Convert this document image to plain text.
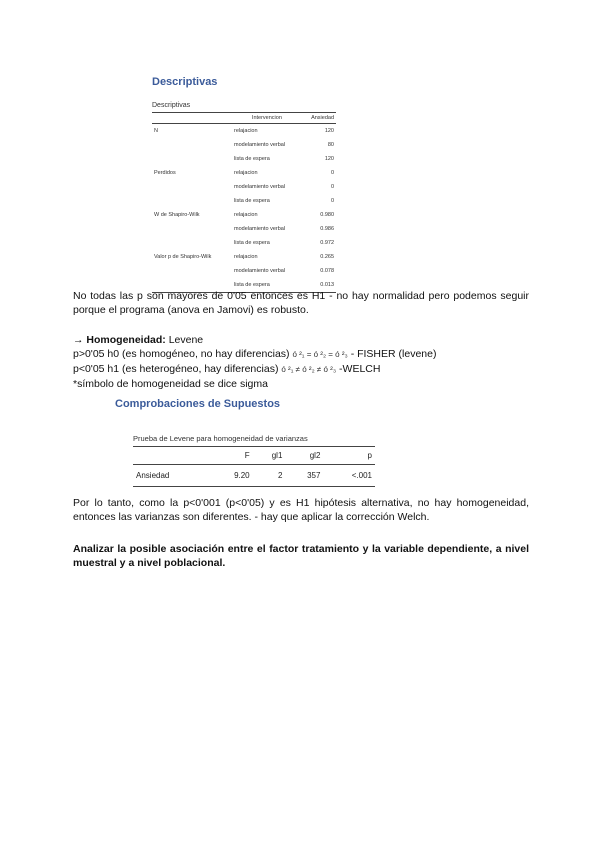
Descriptivas
Descriptivas
	Intervencion	Ansiedad
N	relajacion	120
	modelamiento verbal	80
	lista de espera	120
Perdidos	relajacion	0
	modelamiento verbal	0
	lista de espera	0
W de Shapiro-Wilk	relajacion	0.980
	modelamiento verbal	0.986
	lista de espera	0.972
Valor p de Shapiro-Wilk	relajacion	0.265
	modelamiento verbal	0.078
	lista de espera	0.013
No todas las p son mayores de 0'05 entonces es H1 - no hay normalidad pero podemos seguir porque el programa (anova en Jamovi) es robusto.
→ Homogeneidad: Levene
p>0'05 h0 (es homogéneo, no hay diferencias) ó ²₁ = ó ²₂ = ó ²₃ - FISHER (levene)
p<0'05 h1 (es heterogéneo, hay diferencias) ó ²₁ ≠ ó ²₂ ≠ ó ²₃ -WELCH
*símbolo de homogeneidad se dice sigma
Comprobaciones de Supuestos
Prueba de Levene para homogeneidad de varianzas
	F	gl1	gl2	p
Ansiedad	9.20	2	357	<.001
Por lo tanto, como la p<0'001 (p<0'05) y es H1 hipótesis alternativa, no hay homogeneidad, entonces las varianzas son diferentes. - hay que aplicar la corrección Welch.
Analizar la posible asociación entre el factor tratamiento y la variable dependiente, a nivel muestral y a nivel poblacional.
